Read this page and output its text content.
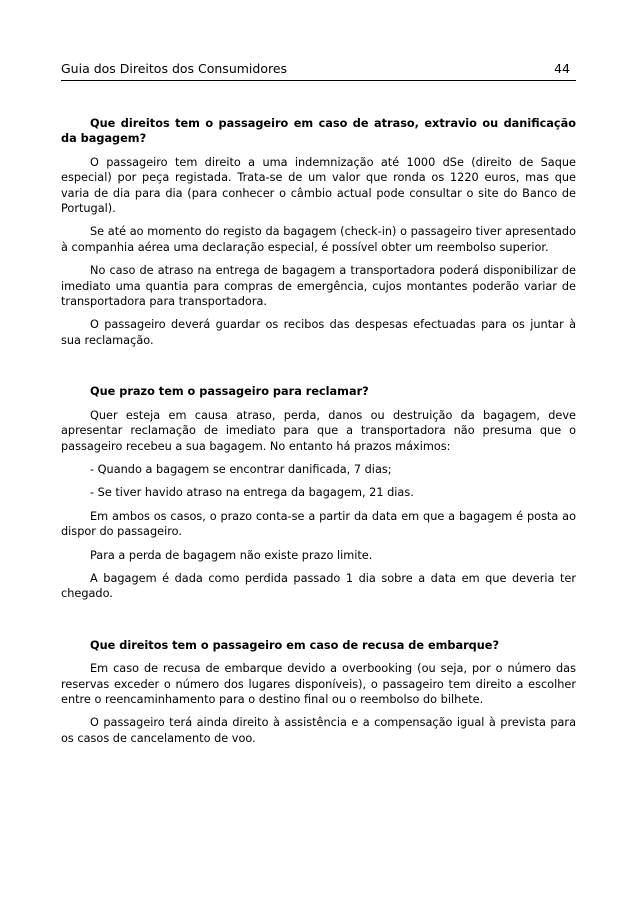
Guia dos Direitos dos Consumidores	44

Que direitos tem o passageiro em caso de atraso, extravio ou danificação da bagagem?

O passageiro tem direito a uma indemnização até 1000 dSe (direito de Saque especial) por peça registada. Trata-se de um valor que ronda os 1220 euros, mas que varia de dia para dia (para conhecer o câmbio actual pode consultar o site do Banco de Portugal).

Se até ao momento do registo da bagagem (check-in) o passageiro tiver apresentado à companhia aérea uma declaração especial, é possível obter um reembolso superior.

No caso de atraso na entrega de bagagem a transportadora poderá disponibilizar de imediato uma quantia para compras de emergência, cujos montantes poderão variar de transportadora para transportadora.

O passageiro deverá guardar os recibos das despesas efectuadas para os juntar à sua reclamação.

Que prazo tem o passageiro para reclamar?

Quer esteja em causa atraso, perda, danos ou destruição da bagagem, deve apresentar reclamação de imediato para que a transportadora não presuma que o passageiro recebeu a sua bagagem. No entanto há prazos máximos:

- Quando a bagagem se encontrar danificada, 7 dias;

- Se tiver havido atraso na entrega da bagagem, 21 dias.

Em ambos os casos, o prazo conta-se a partir da data em que a bagagem é posta ao dispor do passageiro.

Para a perda de bagagem não existe prazo limite.

A bagagem é dada como perdida passado 1 dia sobre a data em que deveria ter chegado.

Que direitos tem o passageiro em caso de recusa de embarque?

Em caso de recusa de embarque devido a overbooking (ou seja, por o número das reservas exceder o número dos lugares disponíveis), o passageiro tem direito a escolher entre o reencaminhamento para o destino final ou o reembolso do bilhete.

O passageiro terá ainda direito à assistência e a compensação igual à prevista para os casos de cancelamento de voo.
